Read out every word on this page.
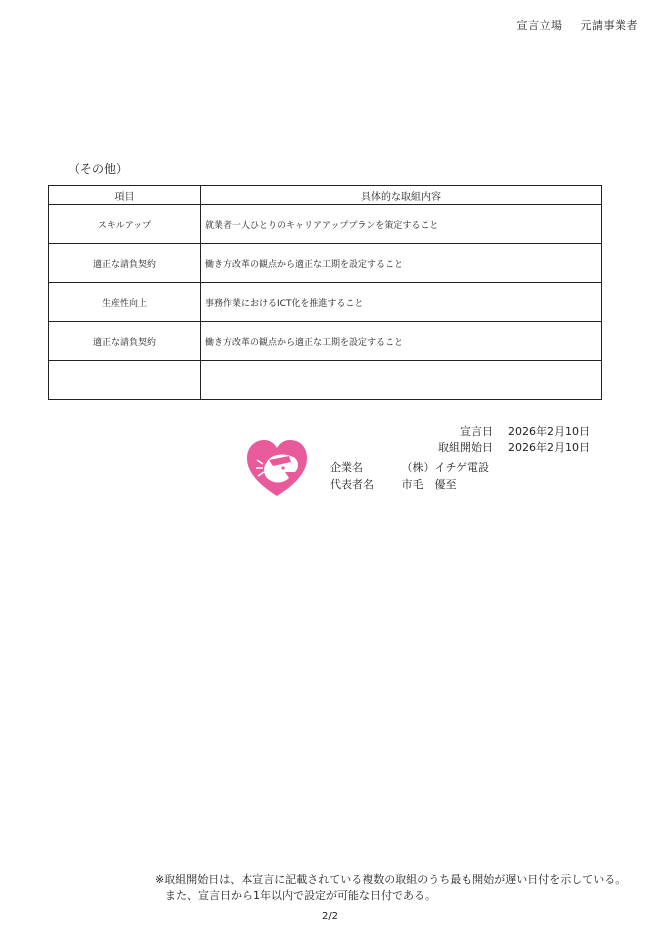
宣言立場 元請事業者
（その他）
項目	具体的な取組内容
スキルアップ	就業者一人ひとりのキャリアアッププランを策定すること
適正な請負契約	働き方改革の観点から適正な工期を設定すること
生産性向上	事務作業におけるICT化を推進すること
適正な請負契約	働き方改革の観点から適正な工期を設定すること

宣言日 2026年2月10日
取組開始日 2026年2月10日
企業名	（株）イチゲ電設
代表者名	市毛　優至
※取組開始日は、本宣言に記載されている複数の取組のうち最も開始が遅い日付を示している。
また、宣言日から1年以内で設定が可能な日付である。
2/2
